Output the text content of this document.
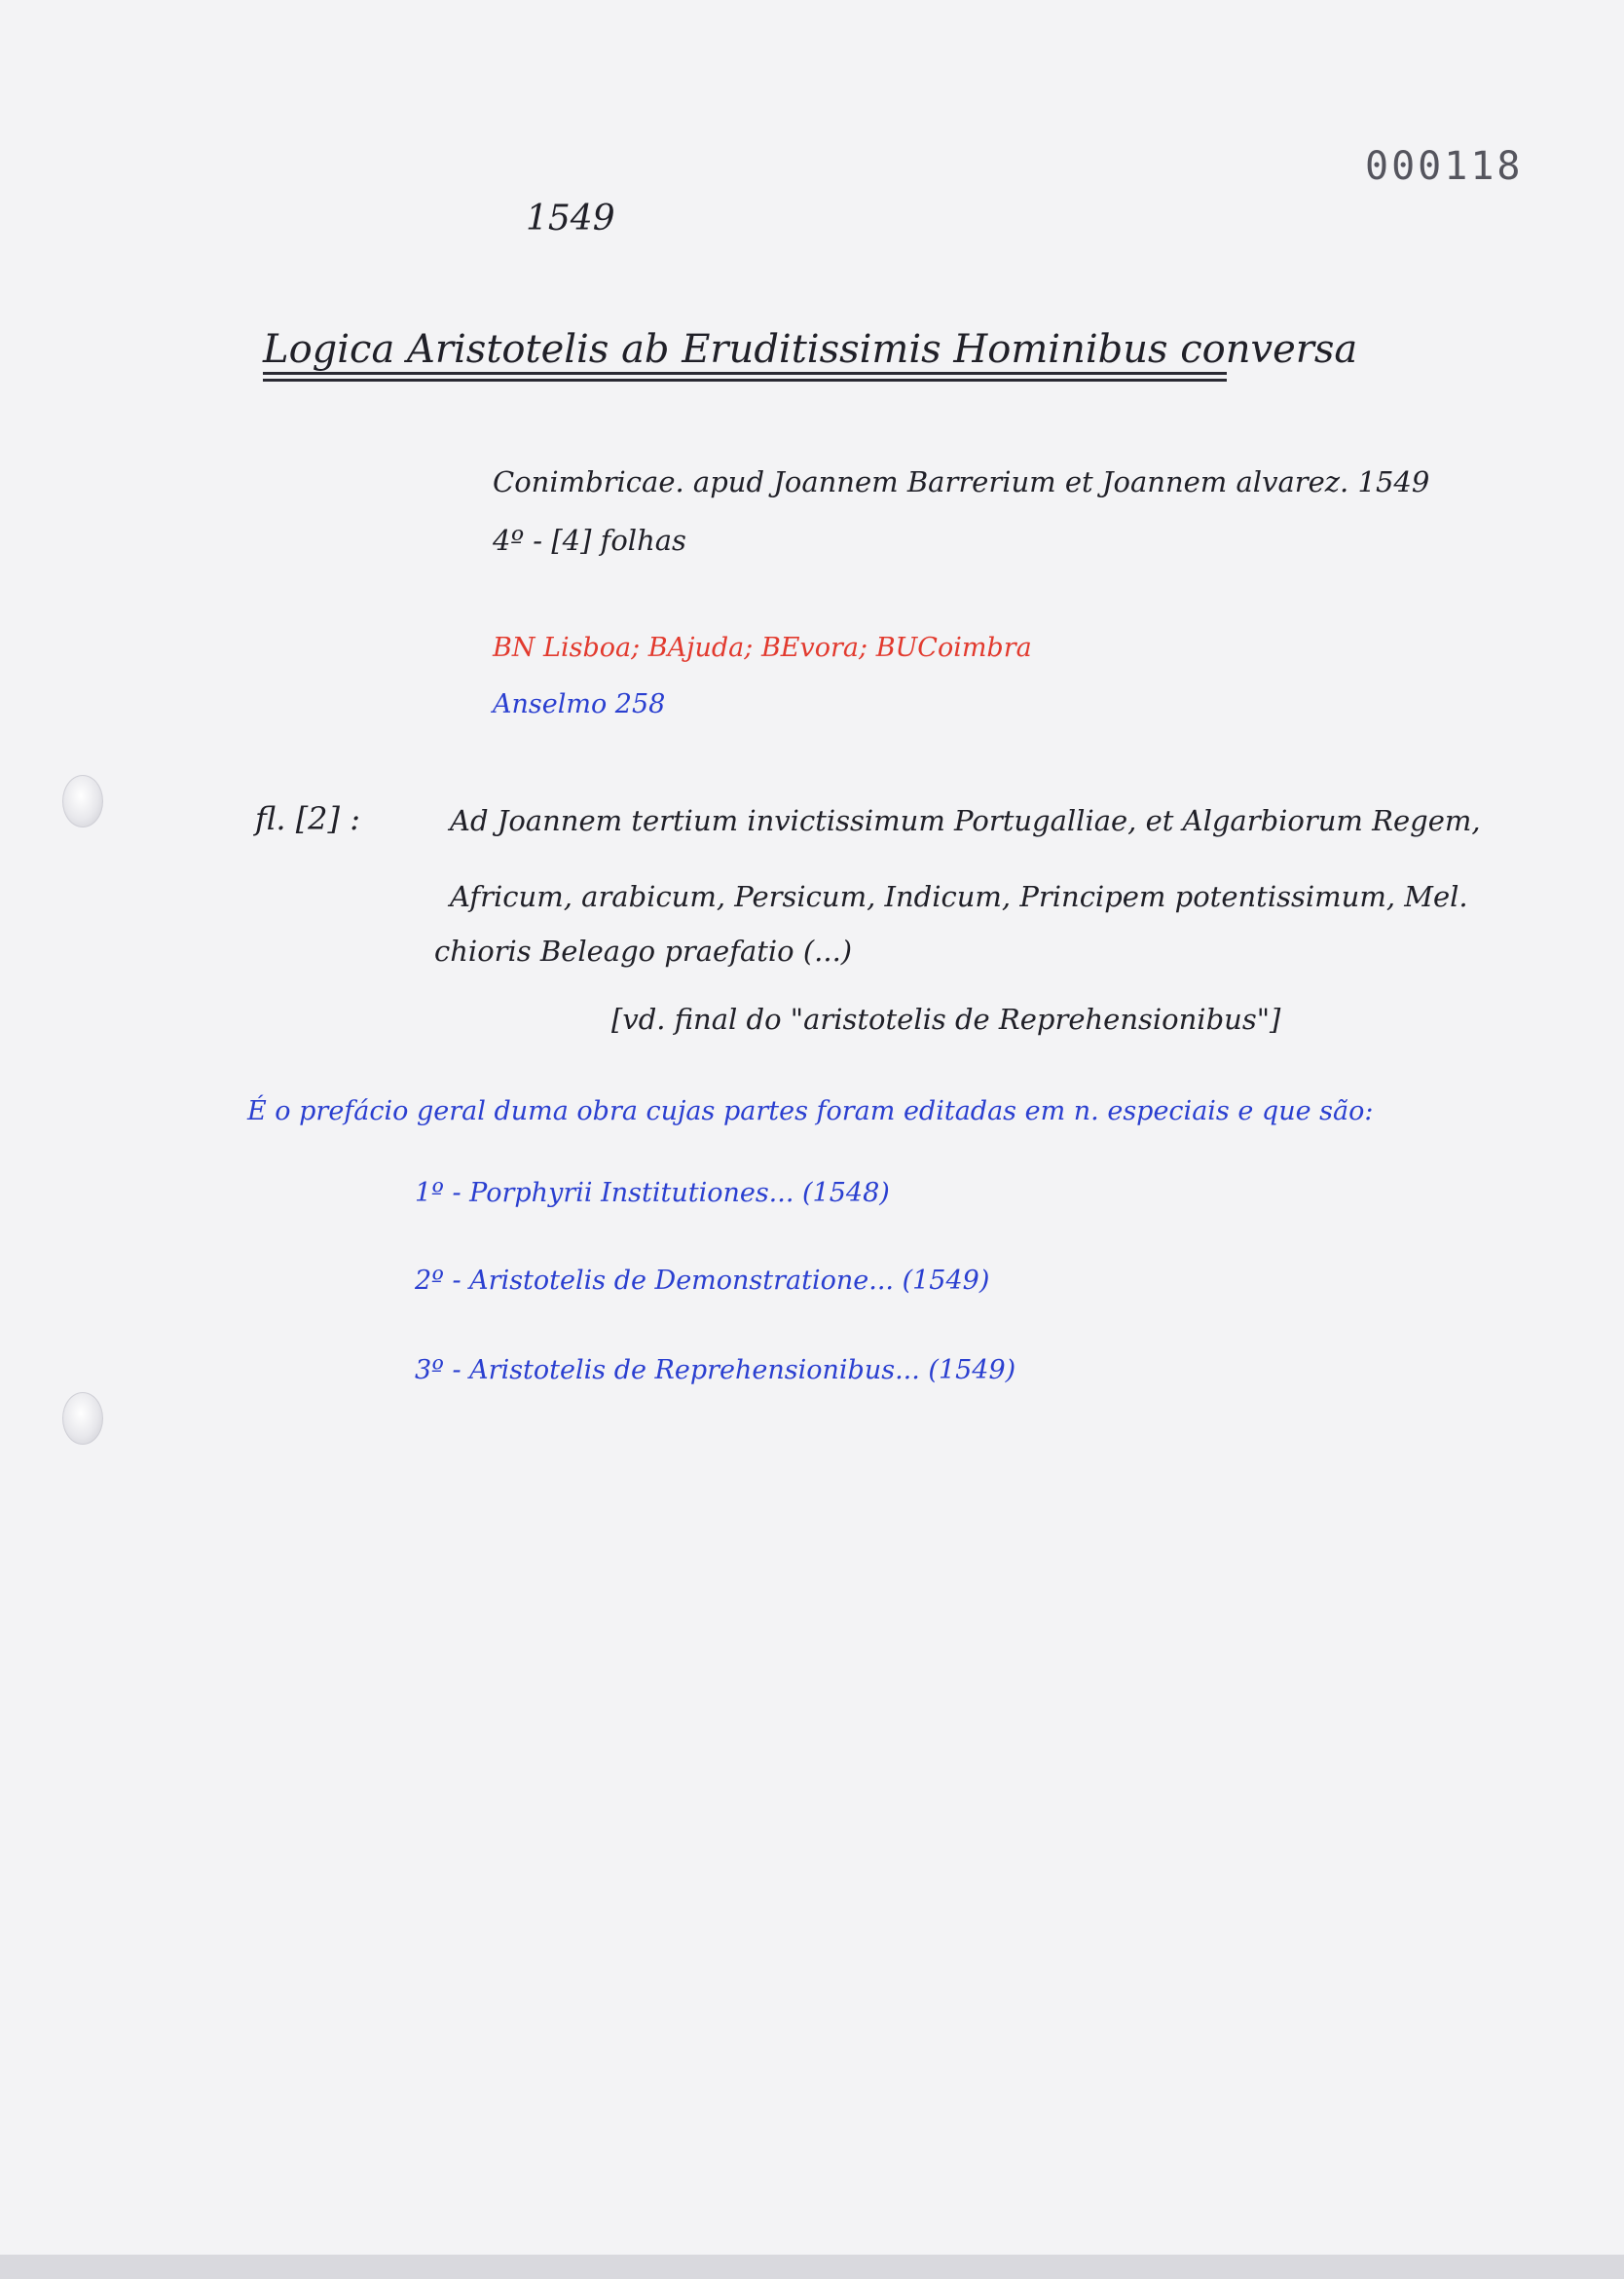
000118
1549
Logica Aristotelis ab Eruditissimis Hominibus conversa
Conimbricae. apud Joannem Barrerium et Joannem alvarez. 1549
4º - [4] folhas
BN Lisboa; BAjuda; BEvora; BUCoimbra
Anselmo 258
fl. [2] :	Ad Joannem tertium invictissimum Portugalliae, et Algarbiorum Regem,
Africum, arabicum, Persicum, Indicum, Principem potentissimum, Mel.
chioris Beleago praefatio (...)
[vd. final do "aristotelis de Reprehensionibus"]
É o prefácio geral duma obra cujas partes foram editadas em n. especiais e que são:
1º - Porphyrii Institutiones... (1548)
2º - Aristotelis de Demonstratione... (1549)
3º - Aristotelis de Reprehensionibus... (1549)
